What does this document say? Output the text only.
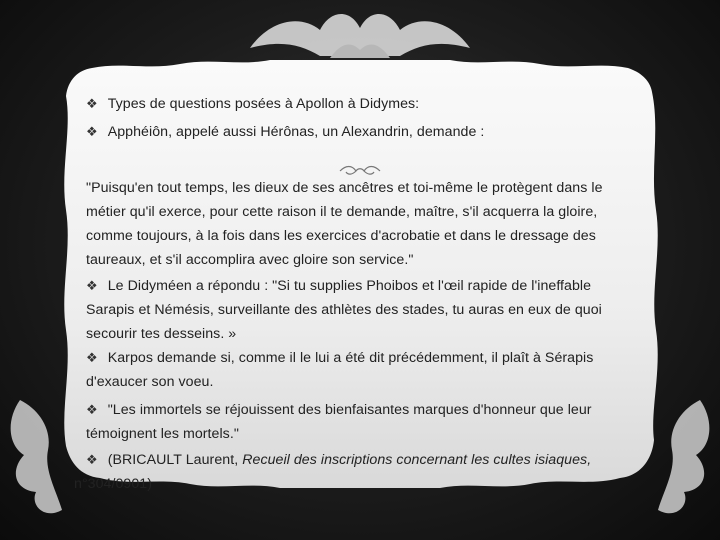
❖ Types de questions posées à Apollon à Didymes:
❖ Apphéiôn, appelé aussi Hérônas, un Alexandrin, demande :
"Puisqu'en tout temps, les dieux de ses ancêtres et toi-même le protègent dans le
métier qu'il exerce, pour cette raison il te demande, maître, s'il acquerra la gloire,
comme toujours, à la fois dans les exercices d'acrobatie et dans le dressage des
taureaux, et s'il accomplira avec gloire son service."
❖ Le Didyméen a répondu : "Si tu supplies Phoibos et l'œil rapide de l'ineffable
Sarapis et Némésis, surveillante des athlètes des stades, tu auras en eux de quoi
secourir tes desseins. »
❖ Karpos demande si, comme il le lui a été dit précédemment, il plaît à Sérapis
d'exaucer son voeu.
❖ "Les immortels se réjouissent des bienfaisantes marques d'honneur que leur
témoignent les mortels."
❖ (BRICAULT Laurent, Recueil des inscriptions concernant les cultes isiaques,
n°304/0901)
